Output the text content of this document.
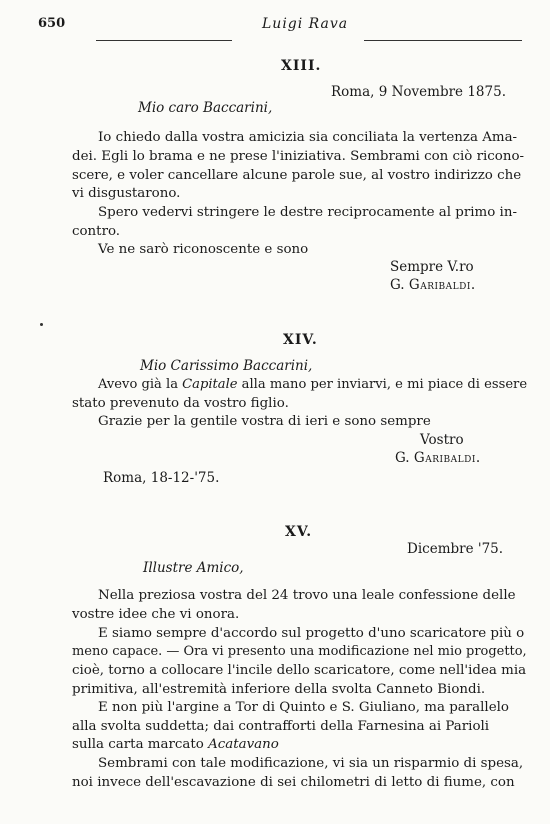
650	Luigi Rava
XIII.
Roma, 9 Novembre 1875.
Mio caro Baccarini,
Io chiedo dalla vostra amicizia sia conciliata la vertenza Ama-
dei. Egli lo brama e ne prese l'iniziativa. Sembrami con ciò ricono-
scere, e voler cancellare alcune parole sue, al vostro indirizzo che
vi disgustarono.
Spero vedervi stringere le destre reciprocamente al primo in-
contro.
Ve ne sarò riconoscente e sono
Sempre V.ro
G. Garibaldi.
XIV.
Mio Carissimo Baccarini,
Avevo già la Capitale alla mano per inviarvi, e mi piace di essere
stato prevenuto da vostro figlio.
Grazie per la gentile vostra di ieri e sono sempre
Vostro
G. Garibaldi.
Roma, 18-12-'75.
XV.
Dicembre '75.
Illustre Amico,
Nella preziosa vostra del 24 trovo una leale confessione delle
vostre idee che vi onora.
E siamo sempre d'accordo sul progetto d'uno scaricatore più o
meno capace. — Ora vi presento una modificazione nel mio progetto,
cioè, torno a collocare l'incile dello scaricatore, come nell'idea mia
primitiva, all'estremità inferiore della svolta Canneto Biondi.
E non più l'argine a Tor di Quinto e S. Giuliano, ma parallelo
alla svolta suddetta; dai contrafforti della Farnesina ai Parioli
sulla carta marcato Acatavano
Sembrami con tale modificazione, vi sia un risparmio di spesa,
noi invece dell'escavazione di sei chilometri di letto di fiume, con
